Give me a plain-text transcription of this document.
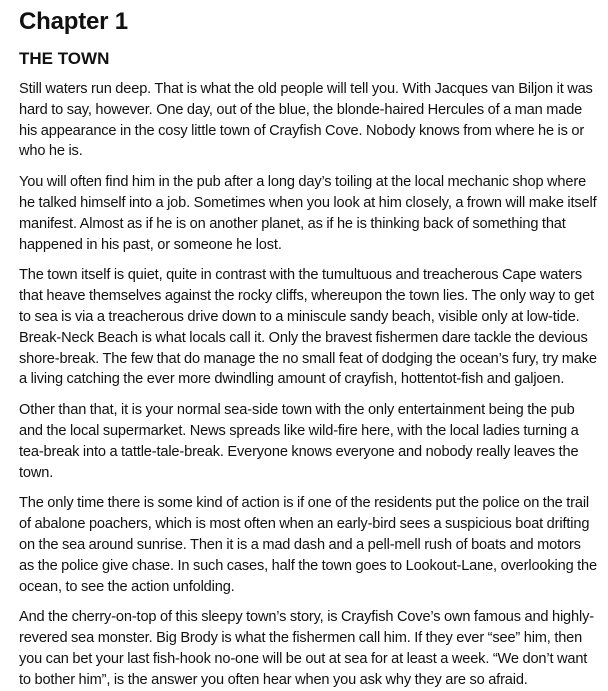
Chapter 1
THE TOWN

Still waters run deep. That is what the old people will tell you. With Jacques van Biljon it was hard to say, however. One day, out of the blue, the blonde-haired Hercules of a man made his appearance in the cosy little town of Crayfish Cove. Nobody knows from where he is or who he is.

You will often find him in the pub after a long day’s toiling at the local mechanic shop where he talked himself into a job. Sometimes when you look at him closely, a frown will make itself manifest. Almost as if he is on another planet, as if he is thinking back of something that happened in his past, or someone he lost.

The town itself is quiet, quite in contrast with the tumultuous and treacherous Cape waters that heave themselves against the rocky cliffs, whereupon the town lies. The only way to get to sea is via a treacherous drive down to a miniscule sandy beach, visible only at low-tide. Break-Neck Beach is what locals call it. Only the bravest fishermen dare tackle the devious shore-break. The few that do manage the no small feat of dodging the ocean’s fury, try make a living catching the ever more dwindling amount of crayfish, hottentot-fish and galjoen.

Other than that, it is your normal sea-side town with the only entertainment being the pub and the local supermarket. News spreads like wild-fire here, with the local ladies turning a tea-break into a tattle-tale-break. Everyone knows everyone and nobody really leaves the town.

The only time there is some kind of action is if one of the residents put the police on the trail of abalone poachers, which is most often when an early-bird sees a suspicious boat drifting on the sea around sunrise. Then it is a mad dash and a pell-mell rush of boats and motors as the police give chase. In such cases, half the town goes to Lookout-Lane, overlooking the ocean, to see the action unfolding.

And the cherry-on-top of this sleepy town’s story, is Crayfish Cove’s own famous and highly-revered sea monster. Big Brody is what the fishermen call him. If they ever “see” him, then you can bet your last fish-hook no-one will be out at sea for at least a week. “We don’t want to bother him”, is the answer you often hear when you ask why they are so afraid.
